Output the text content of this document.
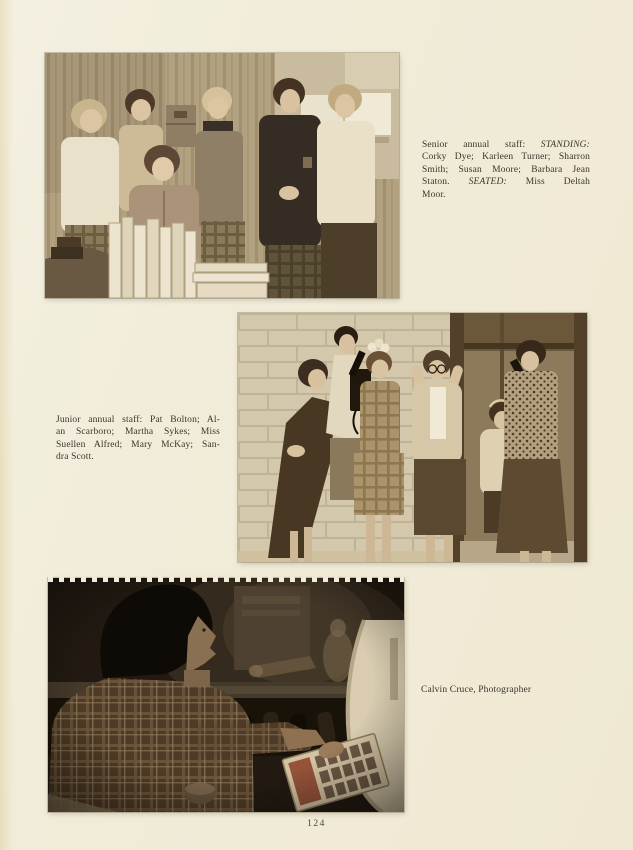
Senior annual staff: STANDING:
Corky Dye; Karleen Turner; Sharron
Smith; Susan Moore; Barbara Jean
Staton. SEATED: Miss Deltah
Moor.
Junior annual staff: Pat Bolton; Al-
an Scarboro; Martha Sykes; Miss
Suellen Alfred; Mary McKay; San-
dra Scott.
Calvin Cruce, Photographer
124
